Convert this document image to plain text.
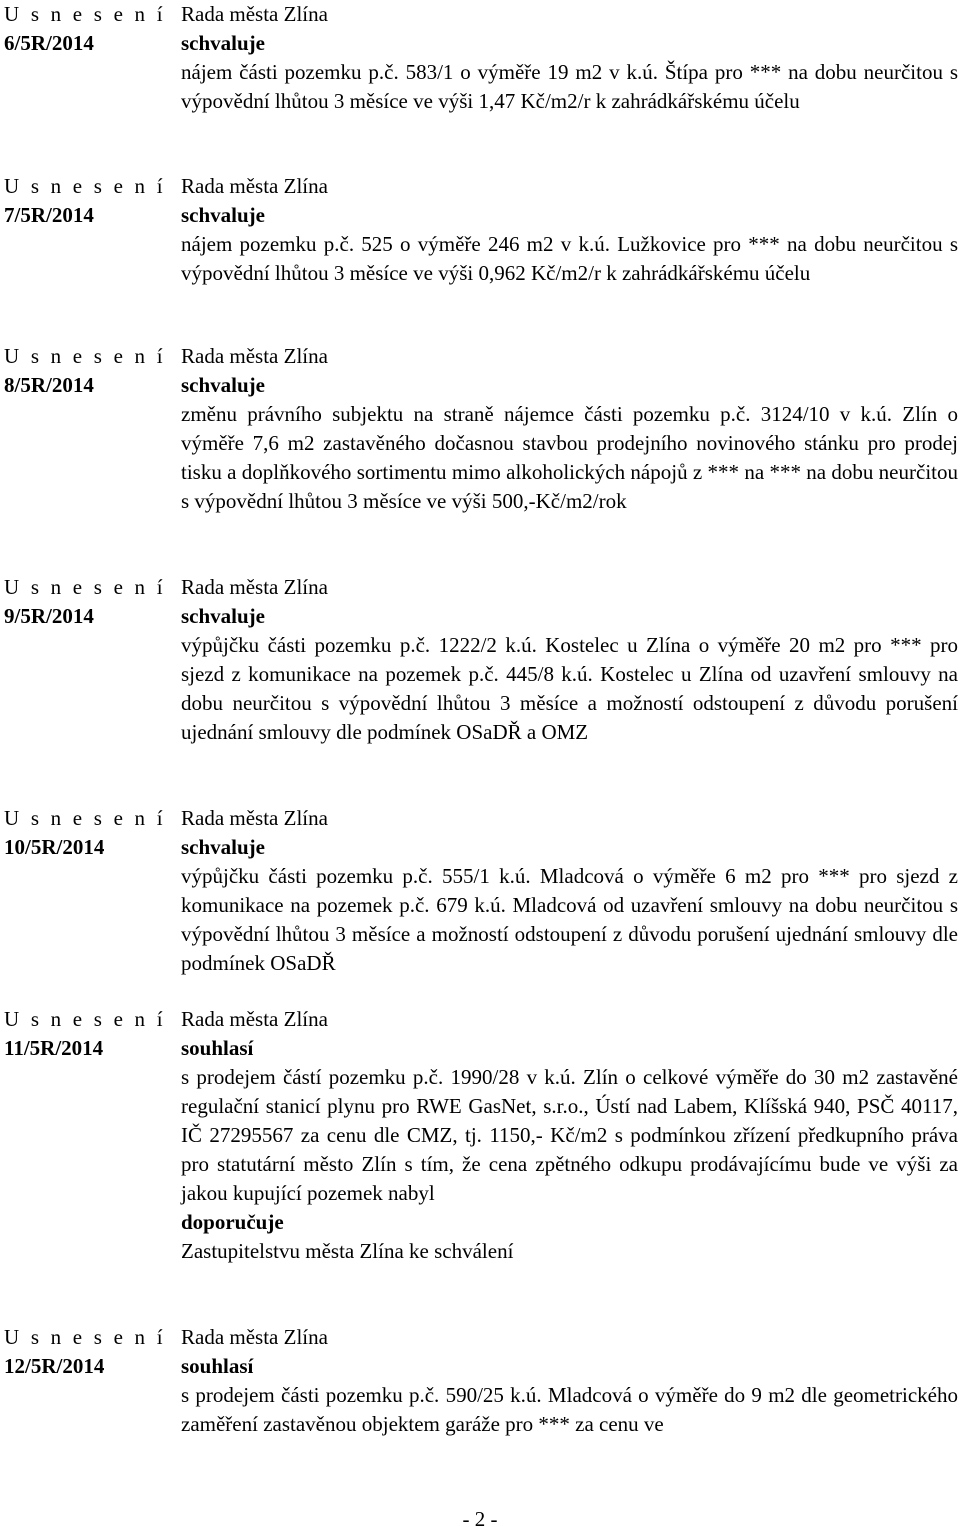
U s n e s e n í
6/5R/2014
Rada města Zlína
schvaluje
nájem části pozemku p.č. 583/1 o výměře 19 m2 v k.ú. Štípa pro *** na dobu neurčitou s výpovědní lhůtou 3 měsíce ve výši 1,47 Kč/m2/r k zahrádkářskému účelu
U s n e s e n í
7/5R/2014
Rada města Zlína
schvaluje
nájem pozemku p.č. 525 o výměře 246 m2 v k.ú. Lužkovice pro *** na dobu neurčitou s výpovědní lhůtou 3 měsíce ve výši 0,962 Kč/m2/r k zahrádkářskému účelu
U s n e s e n í
8/5R/2014
Rada města Zlína
schvaluje
změnu právního subjektu na straně nájemce části pozemku p.č. 3124/10 v k.ú. Zlín o výměře 7,6 m2 zastavěného dočasnou stavbou prodejního novinového stánku pro prodej tisku a doplňkového sortimentu mimo alkoholických nápojů z *** na *** na dobu neurčitou s výpovědní lhůtou 3 měsíce ve výši 500,-Kč/m2/rok
U s n e s e n í
9/5R/2014
Rada města Zlína
schvaluje
výpůjčku části pozemku p.č. 1222/2 k.ú. Kostelec u Zlína o výměře 20 m2 pro *** pro sjezd z komunikace na pozemek p.č. 445/8 k.ú. Kostelec u Zlína od uzavření smlouvy na dobu neurčitou s výpovědní lhůtou 3 měsíce a možností odstoupení z důvodu porušení ujednání smlouvy dle podmínek OSaDŘ a OMZ
U s n e s e n í
10/5R/2014
Rada města Zlína
schvaluje
výpůjčku části pozemku p.č. 555/1 k.ú. Mladcová o výměře 6 m2 pro *** pro sjezd z komunikace na pozemek p.č. 679 k.ú. Mladcová od uzavření smlouvy na dobu neurčitou s výpovědní lhůtou 3 měsíce a možností odstoupení z důvodu porušení ujednání smlouvy dle podmínek OSaDŘ
U s n e s e n í
11/5R/2014
Rada města Zlína
souhlasí
s prodejem částí pozemku p.č. 1990/28 v k.ú. Zlín o celkové výměře do 30 m2 zastavěné regulační stanicí plynu pro RWE GasNet, s.r.o., Ústí nad Labem, Klíšská 940, PSČ 40117, IČ 27295567 za cenu dle CMZ, tj. 1150,- Kč/m2 s podmínkou zřízení předkupního práva pro statutární město Zlín s tím, že cena zpětného odkupu prodávajícímu bude ve výši za jakou kupující pozemek nabyl
doporučuje
Zastupitelstvu města Zlína ke schválení
U s n e s e n í
12/5R/2014
Rada města Zlína
souhlasí
s prodejem části pozemku p.č. 590/25 k.ú. Mladcová o výměře do 9 m2 dle geometrického zaměření zastavěnou objektem garáže pro *** za cenu ve
- 2 -
